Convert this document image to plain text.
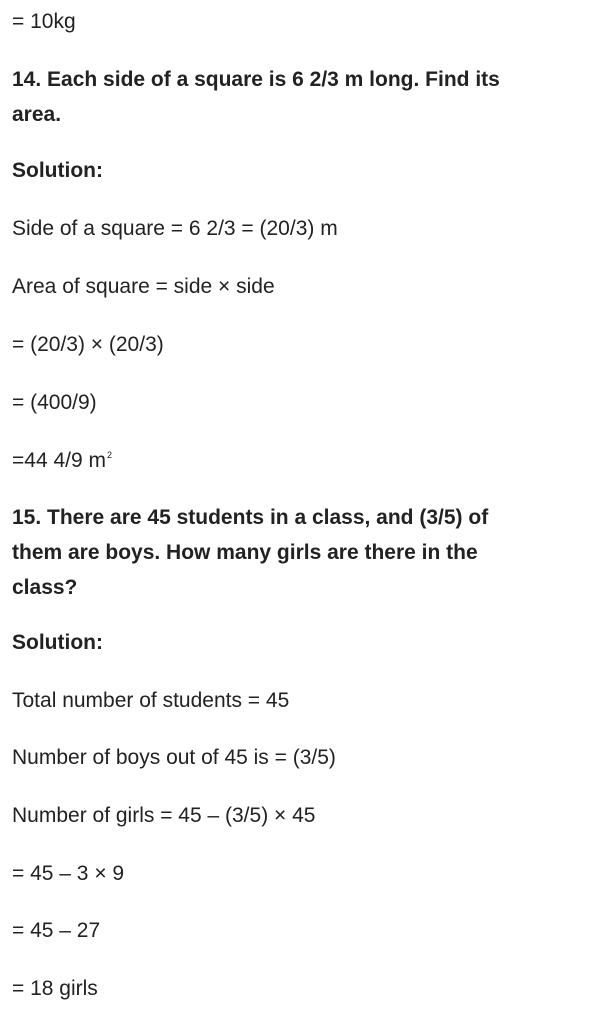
= 10kg

14. Each side of a square is 6 2/3 m long. Find its

area.

Solution:

Side of a square = 6 2/3 = (20/3) m

Area of square = side × side

= (20/3) × (20/3)

= (400/9)

=44 4/9 $m^2$

15. There are 45 students in a class, and (3/5) of

them are boys. How many girls are there in the

class?

Solution:

Total number of students = 45

Number of boys out of 45 is = (3/5)

Number of girls = 45 – (3/5) × 45

= 45 – 3 × 9

= 45 – 27

= 18 girls
